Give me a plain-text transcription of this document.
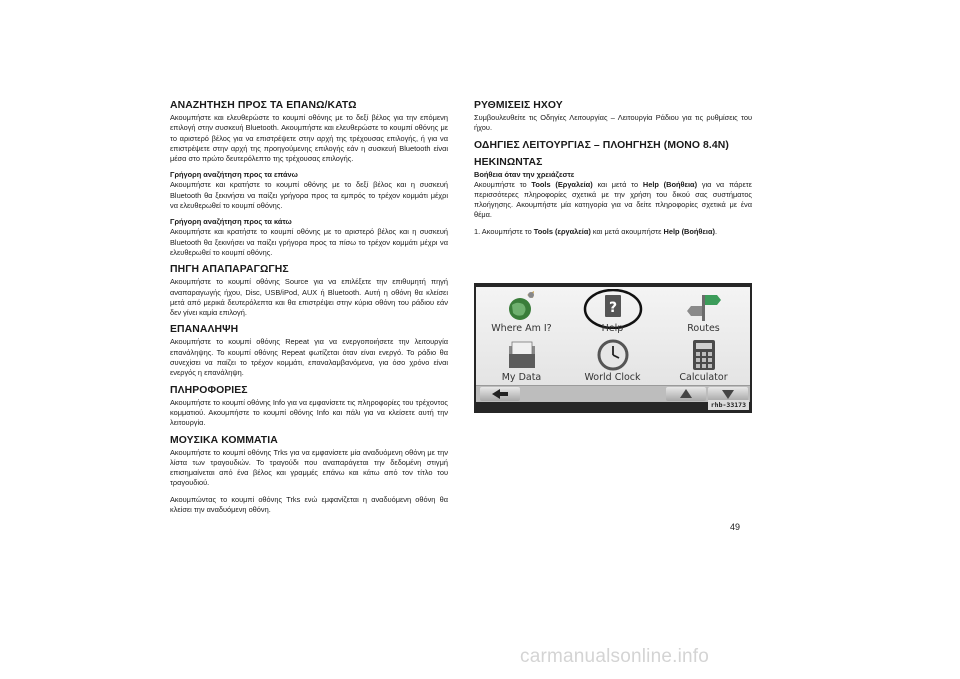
ΑΝΑΖΗΤΗΣΗ ΠΡΟΣ ΤΑ ΕΠΑΝΩ/ΚΑΤΩ

Ακουμπήστε και ελευθερώστε το κουμπί οθόνης με το δεξί βέλος για την επόμενη επιλογή στην συσκευή Bluetooth. Ακουμπήστε και ελευθερώστε το κουμπί οθόνης με το αριστερό βέλος για να επιστρέψετε στην αρχή της τρέχουσας επιλογής, ή για να επιστρέψετε στην αρχή της προηγούμενης επιλογής εάν η συσκευή Bluetooth είναι μέσα στο πρώτο δευτερόλεπτο της τρέχουσας επιλογής.

Γρήγορη αναζήτηση προς τα επάνω

Ακουμπήστε και κρατήστε το κουμπί οθόνης με το δεξί βέλος και η συσκευή Bluetooth θα ξεκινήσει να παίζει γρήγορα προς τα εμπρός το τρέχον κομμάτι μέχρι να ελευθερωθεί το κουμπί οθόνης.

Γρήγορη αναζήτηση προς τα κάτω

Ακουμπήστε και κρατήστε το κουμπί οθόνης με το αριστερό βέλος και η συσκευή Bluetooth θα ξεκινήσει να παίζει γρήγορα προς τα πίσω το τρέχον κομμάτι μέχρι να ελευθερωθεί το κουμπί οθόνης.

ΠΗΓΗ ΑΠΑΠΑΡΑΓΩΓΗΣ

Ακουμπήστε το κουμπί οθόνης Source για να επιλέξετε την επιθυμητή πηγή αναπαραγωγής ήχου, Disc, USB/iPod, AUX ή Bluetooth. Αυτή η οθόνη θα κλείσει μετά από μερικά δευτερόλεπτα και θα επιστρέψει στην κύρια οθόνη του ράδιου εάν δεν γίνει καμία επιλογή.

ΕΠΑΝΑΛΗΨΗ

Ακουμπήστε το κουμπί οθόνης Repeat για να ενεργοποιήσετε την λειτουργία επανάληψης. Το κουμπί οθόνης Repeat φωτίζεται όταν είναι ενεργό. Το ράδιο θα συνεχίσει να παίζει το τρέχον κομμάτι, επαναλαμβανόμενα, για όσο χρόνο είναι ενεργός η επανάληψη.

ΠΛΗΡΟΦΟΡΙΕΣ

Ακουμπήστε το κουμπί οθόνης Info για να εμφανίσετε τις πληροφορίες του τρέχοντος κομματιού. Ακουμπήστε το κουμπί οθόνης Info και πάλι για να κλείσετε αυτή την λειτουργία.

ΜΟΥΣΙΚΑ ΚΟΜΜΑΤΙΑ

Ακουμπήστε το κουμπί οθόνης Trks για να εμφανίσετε μία αναδυόμενη οθόνη με την λίστα των τραγουδιών. Το τραγούδι που αναπαράγεται την δεδομένη στιγμή επισημαίνεται από ένα βέλος και γραμμές επάνω και κάτω από τον τίτλο του τραγουδιού.

Ακουμπώντας το κουμπί οθόνης Trks ενώ εμφανίζεται η αναδυόμενη οθόνη θα κλείσει την αναδυόμενη οθόνη.

ΡΥΘΜΙΣΕΙΣ ΗΧΟΥ

Συμβουλευθείτε τις Οδηγίες Λειτουργίας – Λειτουργία Ράδιου για τις ρυθμίσεις του ήχου.

ΟΔΗΓΙΕΣ ΛΕΙΤΟΥΡΓΙΑΣ – ΠΛΟΗΓΗΣΗ (ΜΟΝΟ 8.4N)
ΗΕΚΙΝΩΝΤΑΣ
Βοήθεια όταν την χρειάζεστε

Ακουμπήστε το Tools (Εργαλεία) και μετά το Help (Βοήθεια) για να πάρετε περισσότερες πληροφορίες σχετικά με την χρήση του δικού σας συστήματος πλοήγησης. Ακουμπήστε μία κατηγορία για να δείτε πληροφορίες σχετικά με ένα θέμα.

1. Ακουμπήστε το Tools (εργαλεία) και μετά ακουμπήστε Help (Βοήθεια).

Where Am I?
?
Help	Routes
My Data	World Clock	Calculator
rhb-33173
49
carmanualsonline.info
